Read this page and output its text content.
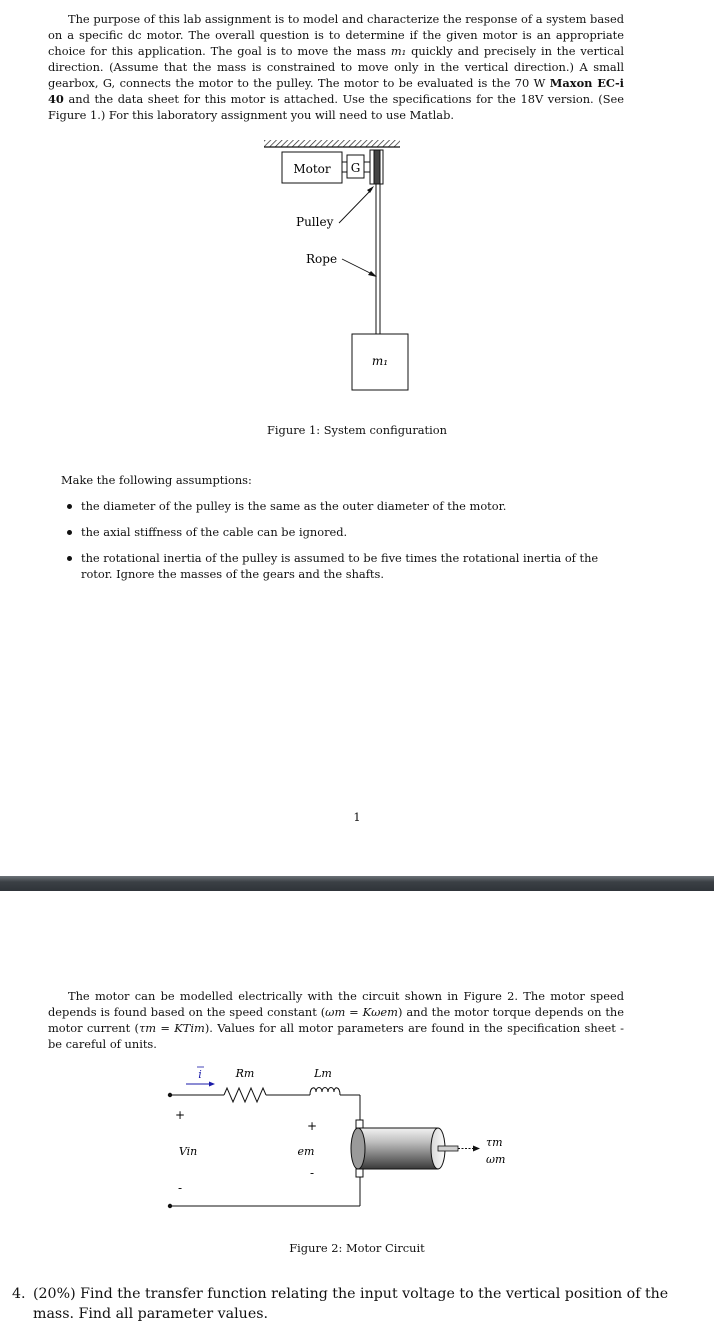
The purpose of this lab assignment is to model and characterize the response of a system based on a specific dc motor. The overall question is to determine if the given motor is an appropriate choice for this application. The goal is to move the mass m₁ quickly and precisely in the vertical direction. (Assume that the mass is constrained to move only in the vertical direction.) A small gearbox, G, connects the motor to the pulley. The motor to be evaluated is the 70 W Maxon EC-i 40 and the data sheet for this motor is attached. Use the specifications for the 18V version. (See Figure 1.) For this laboratory assignment you will need to use Matlab.

Motor G
Pulley
Rope
m₁

Figure 1: System configuration

Make the following assumptions:

the diameter of the pulley is the same as the outer diameter of the motor.
the axial stiffness of the cable can be ignored.
the rotational inertia of the pulley is assumed to be five times the rotational inertia of the rotor. Ignore the masses of the gears and the shafts.
1

The motor can be modelled electrically with the circuit shown in Figure 2. The motor speed depends is found based on the speed constant (ωm = Kωem) and the motor torque depends on the motor current (τm = KTim). Values for all motor parameters are found in the specification sheet - be careful of units.

i	Rm	Lm
+
Vin
-
+
em
-
τm
ωm

Figure 2: Motor Circuit

4. (20%) Find the transfer function relating the input voltage to the vertical position of the mass. Find all parameter values.
